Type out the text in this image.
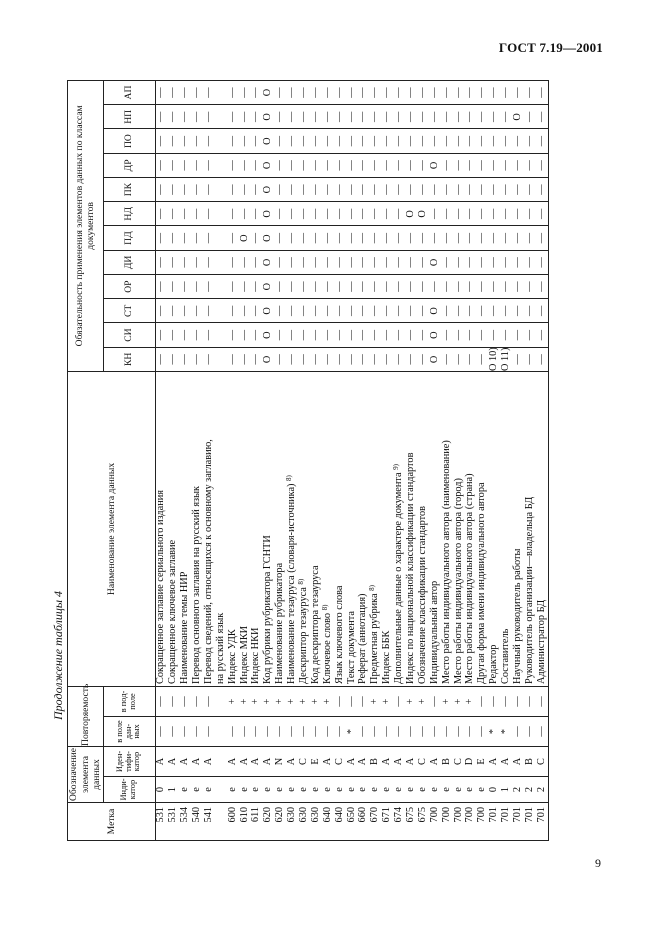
ГОСТ 7.19—2001
Продолжение таблицы 4
Метка	Обозначение элемента данных		Повторяемость		Наименование элемента данных	Обязательность применения элементов данных по классам документов											
	Инди-катор	Иден-тифи-катор	в поле дан-ных	в под-поле		КН	СИ	СТ	ОР	ДИ	ПД	НД	ПК	ДР	ПО	НП	АП
531	0	A	—	—	Сокращенное заглавие сериального издания	—	—	—	—	—	—	—	—	—	—	—	—
531	1	A	—	—	Сокращенное ключевое заглавие	—	—	—	—	—	—	—	—	—	—	—	—
534	e	A	—	—	Наименование темы НИР	—	—	—	—	—	—	—	—	—	—	—	—
540	e	A	—	—	Перевод основного заглавия на русский язык	—	—	—	—	—	—	—	—	—	—	—	—
541	e	A	—	—	Перевод сведений, относящихся к основному заглавию,	—	—	—	—	—	—	—	—	—	—	—	—
					на русский язык												
600	e	A	—	+	Индекс УДК	—	—	—	—	—	—	—	—	—	—	—	—
610	e	A	—	+	Индекс МКИ	—	—	—	—	—	O	—	—	—	—	—	—
611	e	A	—	+	Индекс НКИ	—	—	—	—	—	—	—	—	—	—	—	—
620	e	A	—	+	Код рубрики рубрикатора ГСНТИ	O	O	O	O	O	O	O	O	O	O	O	O
620	e	N	—	+	Наименование рубрикатора	—	—	—	—	—	—	—	—	—	—	—	—
630	e	A	—	+	Наименование тезауруса (словаря-источника) $^{8)}$	—	—	—	—	—	—	—	—	—	—	—	—
630	e	C	—	+	Дескриптор тезауруса $^{8)}$	—	—	—	—	—	—	—	—	—	—	—	—
630	e	E	—	+	Код дескриптора тезауруса	—	—	—	—	—	—	—	—	—	—	—	—
640	e	A	—	+	Ключевое слово $^{8)}$	—	—	—	—	—	—	—	—	—	—	—	—
640	e	C	—	—	Язык ключевого слова	—	—	—	—	—	—	—	—	—	—	—	—
650	e	A	*	—	Текст документа	—	—	—	—	—	—	—	—	—	—	—	—
660	e	A	—	—	Реферат (аннотация)	—	—	—	—	—	—	—	—	—	—	—	—
670	e	B	—	+	Предметная рубрика $^{8)}$	—	—	—	—	—	—	—	—	—	—	—	—
671	e	A	—	+	Индекс ББК	—	—	—	—	—	—	—	—	—	—	—	—
674	e	A	—	—	Дополнительные данные о характере документа $^{9)}$	—	—	—	—	—	—	—	—	—	—	—	—
675	e	A	—	+	Индекс по национальной классификации стандартов	—	—	—	—	—	—	O	—	—	—	—	—
675	e	C	—	+	Обозначение классификации стандартов	—	—	—	—	—	—	O	—	—	—	—	—
700	e	A	—	—	Индивидуальный автор	O	O	O	—	O	—	—	—	O	—	—	—
700	e	B	—	+	Место работы индивидуального автора (наименование)	—	—	—	—	—	—	—	—	—	—	—	—
700	e	C	—	+	Место работы индивидуального автора (город)	—	—	—	—	—	—	—	—	—	—	—	—
700	e	D	—	+	Место работы индивидуального автора (страна)	—	—	—	—	—	—	—	—	—	—	—	—
700	e	E	—	—	Другая форма имени индивидуального автора	—	—	—	—	—	—	—	—	—	—	—	—
701	0	A	*	—	Редактор	O 10)	—	—	—	—	—	—	—	—	—	—	—
701	1	A	*	—	Составитель	O 11)	—	—	—	—	—	—	—	—	—	—	—
701	2	A	—	—	Научный руководитель работы	—	—	—	—	—	—	—	—	—	—	O	—
701	2	B	—	—	Руководитель организации—владельца БД	—	—	—	—	—	—	—	—	—	—	—	—
701	2	C	—	—	Администратор БД	—	—	—	—	—	—	—	—	—	—	—	—
9
